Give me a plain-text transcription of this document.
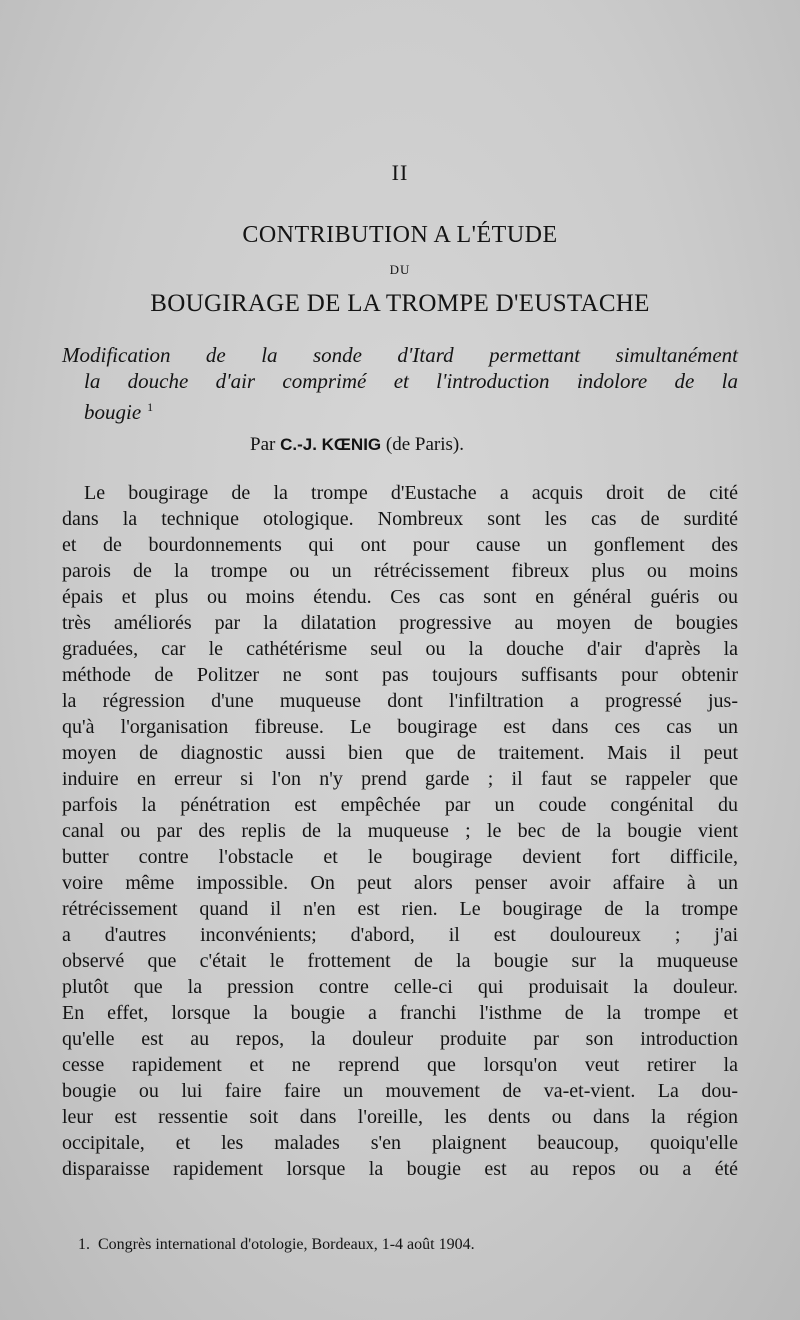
II
CONTRIBUTION A L'ÉTUDE
DU
BOUGIRAGE DE LA TROMPE D'EUSTACHE
Modification de la sonde d'Itard permettant simultanément
la douche d'air comprimé et l'introduction indolore de la
bougie $^1$
Par C.-J. KŒNIG (de Paris).
Le bougirage de la trompe d'Eustache a acquis droit de cité
dans la technique otologique. Nombreux sont les cas de surdité
et de bourdonnements qui ont pour cause un gonflement des
parois de la trompe ou un rétrécissement fibreux plus ou moins
épais et plus ou moins étendu. Ces cas sont en général guéris ou
très améliorés par la dilatation progressive au moyen de bougies
graduées, car le cathétérisme seul ou la douche d'air d'après la
méthode de Politzer ne sont pas toujours suffisants pour obtenir
la régression d'une muqueuse dont l'infiltration a progressé jus-
qu'à l'organisation fibreuse. Le bougirage est dans ces cas un
moyen de diagnostic aussi bien que de traitement. Mais il peut
induire en erreur si l'on n'y prend garde ; il faut se rappeler que
parfois la pénétration est empêchée par un coude congénital du
canal ou par des replis de la muqueuse ; le bec de la bougie vient
butter contre l'obstacle et le bougirage devient fort difficile,
voire même impossible. On peut alors penser avoir affaire à un
rétrécissement quand il n'en est rien. Le bougirage de la trompe
a d'autres inconvénients; d'abord, il est douloureux ; j'ai
observé que c'était le frottement de la bougie sur la muqueuse
plutôt que la pression contre celle-ci qui produisait la douleur.
En effet, lorsque la bougie a franchi l'isthme de la trompe et
qu'elle est au repos, la douleur produite par son introduction
cesse rapidement et ne reprend que lorsqu'on veut retirer la
bougie ou lui faire faire un mouvement de va-et-vient. La dou-
leur est ressentie soit dans l'oreille, les dents ou dans la région
occipitale, et les malades s'en plaignent beaucoup, quoiqu'elle
disparaisse rapidement lorsque la bougie est au repos ou a été
1. Congrès international d'otologie, Bordeaux, 1-4 août 1904.
